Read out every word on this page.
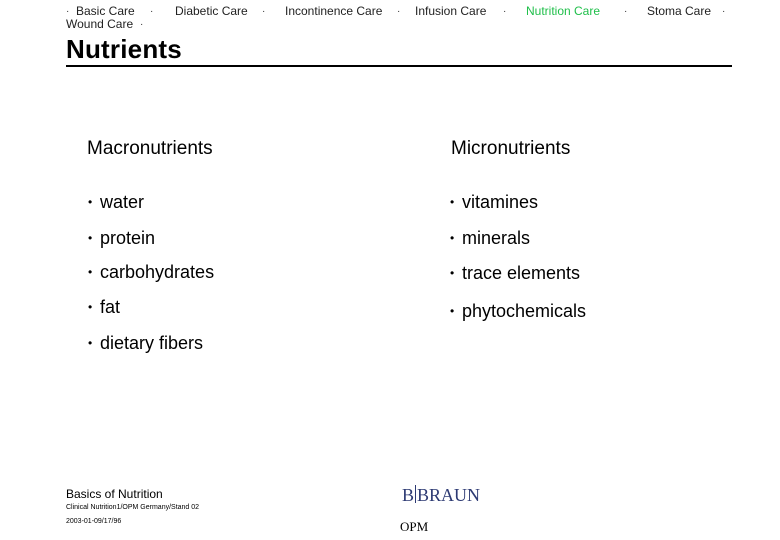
· Basic Care · Diabetic Care · Incontinence Care · Infusion Care · Nutrition Care · Stoma Care ·
Wound Care ·
Nutrients
Macronutrients
• water
• protein
• carbohydrates
• fat
• dietary fibers
Micronutrients
• vitamines
• minerals
• trace elements
• phytochemicals
Basics of Nutrition
Clinical Nutrition1/OPM Germany/Stand 02
2003-01-09/17/96
B BRAUN
OPM
